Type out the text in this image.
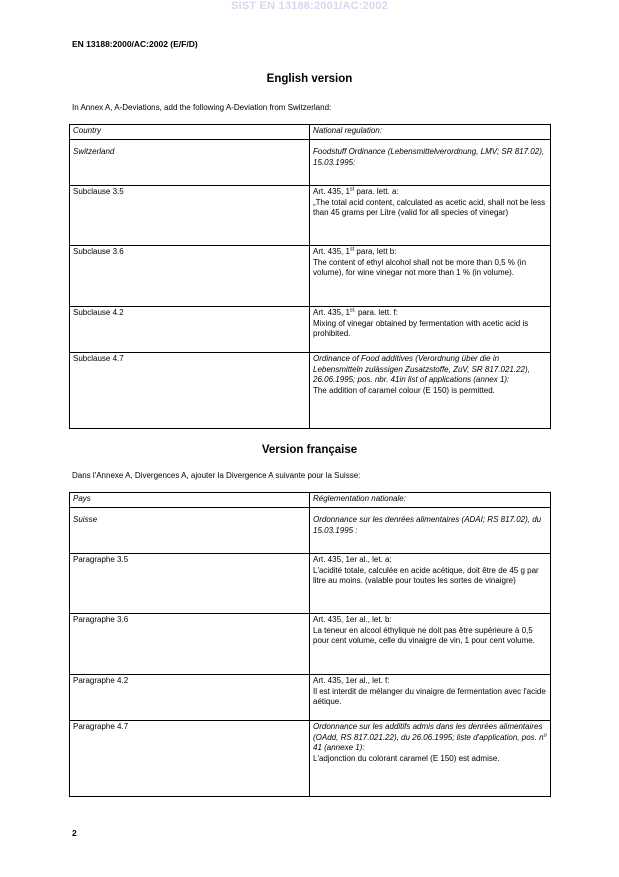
SIST EN 13188:2001/AC:2002
EN 13188:2000/AC:2002 (E/F/D)
English version
In Annex A, A-Deviations, add the following A-Deviation from Switzerland:
Country	National regulation:
Switzerland	Foodstuff Ordinance (Lebensmittelverordnung, LMV; SR 817.02), 15.03.1995:
Subclause 3.5	Art. 435, 1st para. lett. a:
„The total acid content, calculated as acetic acid, shall not be less than 45 grams per Litre (valid for all species of vinegar)

Subclause 3.6	Art. 435, 1st para, lett b:
The content of ethyl alcohol shall not be more than 0,5 % (in volume), for wine vinegar not more than 1 % (in volume).

Subclause 4.2	Art. 435, $1^{st.}$ para. lett. f:
Mixing of vinegar obtained by fermentation with acetic acid is prohibited.

Subclause 4.7	Ordinance of Food additives (Verordnung über die in Lebensmitteln zulässigen Zusatzstoffe, ZuV, SR 817.021.22), 26.06.1995; pos. nbr. 41in list of applications (annex 1):
The addition of caramel colour (E 150) is permitted.
Version française
Dans l'Annexe A, Divergences A, ajouter la Divergence A suivante pour la Suisse:
Pays	Réglementation nationale:
Suisse	Ordonnance sur les denrées alimentaires (ADAI; RS 817.02), du 15.03.1995 :
Paragraphe 3.5	Art. 435, 1er al., let. a:
L'acidité totale, calculée en acide acétique, doit être de 45 g par litre au moins. (valable pour toutes les sortes de vinaigre)

Paragraphe 3.6	Art. 435, 1er al., let. b:
La teneur en alcool éthylique ne doit pas être supérieure à 0,5 pour cent volume, celle du vinaigre de vin, 1 pour cent volume.

Paragraphe 4.2	Art. 435, 1er al., let. f:
Il est interdit de mélanger du vinaigre de fermentation avec l'acide aétique.

Paragraphe 4.7	Ordonnance sur les additifs admis dans les denrées alimentaires (OAdd, RS 817.021.22), du 26.06.1995; liste d'application, pos. $n^o$ 41 (annexe 1):
L'adjonction du colorant caramel (E 150) est admise.
2
